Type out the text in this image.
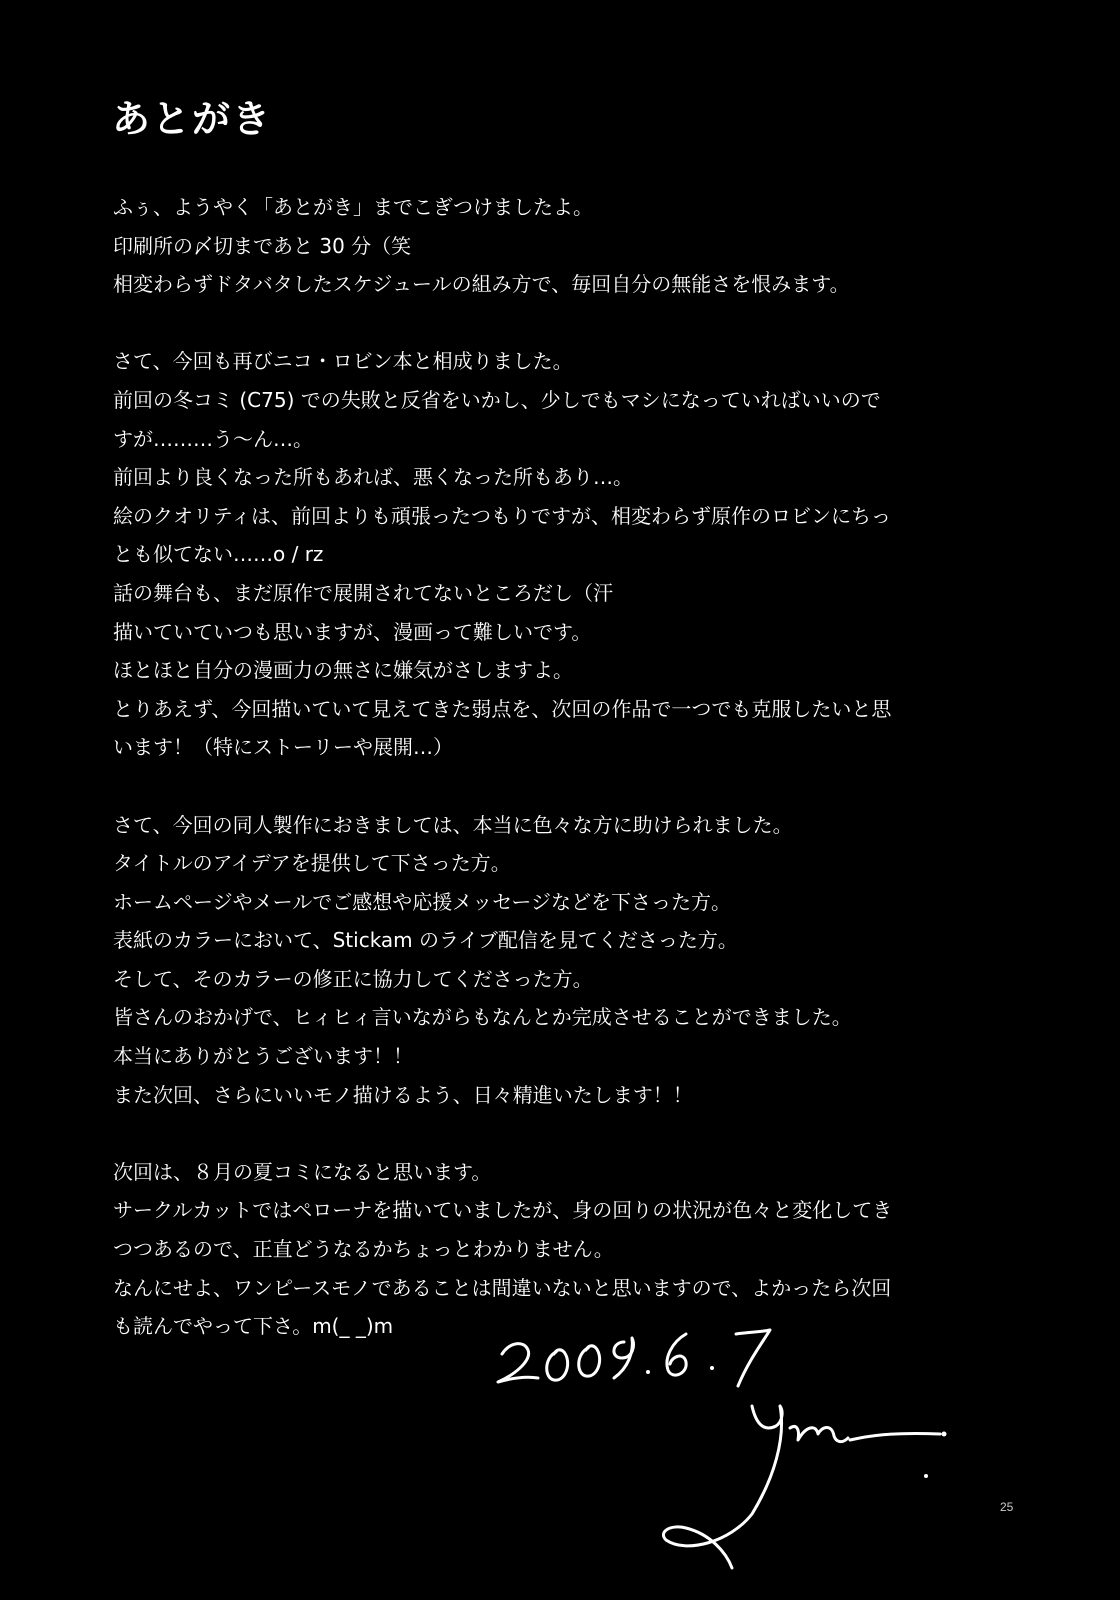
あとがき
ふぅ、ようやく「あとがき」までこぎつけましたよ。
印刷所の〆切まであと 30 分（笑
相変わらずドタバタしたスケジュールの組み方で、毎回自分の無能さを恨みます。
さて、今回も再びニコ・ロビン本と相成りました。
前回の冬コミ (C75) での失敗と反省をいかし、少しでもマシになっていればいいので
すが………う〜ん…。
前回より良くなった所もあれば、悪くなった所もあり…。
絵のクオリティは、前回よりも頑張ったつもりですが、相変わらず原作のロビンにちっ
とも似てない……o / rz
話の舞台も、まだ原作で展開されてないところだし（汗
描いていていつも思いますが、漫画って難しいです。
ほとほと自分の漫画力の無さに嫌気がさしますよ。
とりあえず、今回描いていて見えてきた弱点を、次回の作品で一つでも克服したいと思
います！（特にストーリーや展開…）
さて、今回の同人製作におきましては、本当に色々な方に助けられました。
タイトルのアイデアを提供して下さった方。
ホームページやメールでご感想や応援メッセージなどを下さった方。
表紙のカラーにおいて、Stickam のライブ配信を見てくださった方。
そして、そのカラーの修正に協力してくださった方。
皆さんのおかげで、ヒィヒィ言いながらもなんとか完成させることができました。
本当にありがとうございます！！
また次回、さらにいいモノ描けるよう、日々精進いたします！！
次回は、８月の夏コミになると思います。
サークルカットではペローナを描いていましたが、身の回りの状況が色々と変化してき
つつあるので、正直どうなるかちょっとわかりません。
なんにせよ、ワンピースモノであることは間違いないと思いますので、よかったら次回
も読んでやって下さ。m(_ _)m
25
